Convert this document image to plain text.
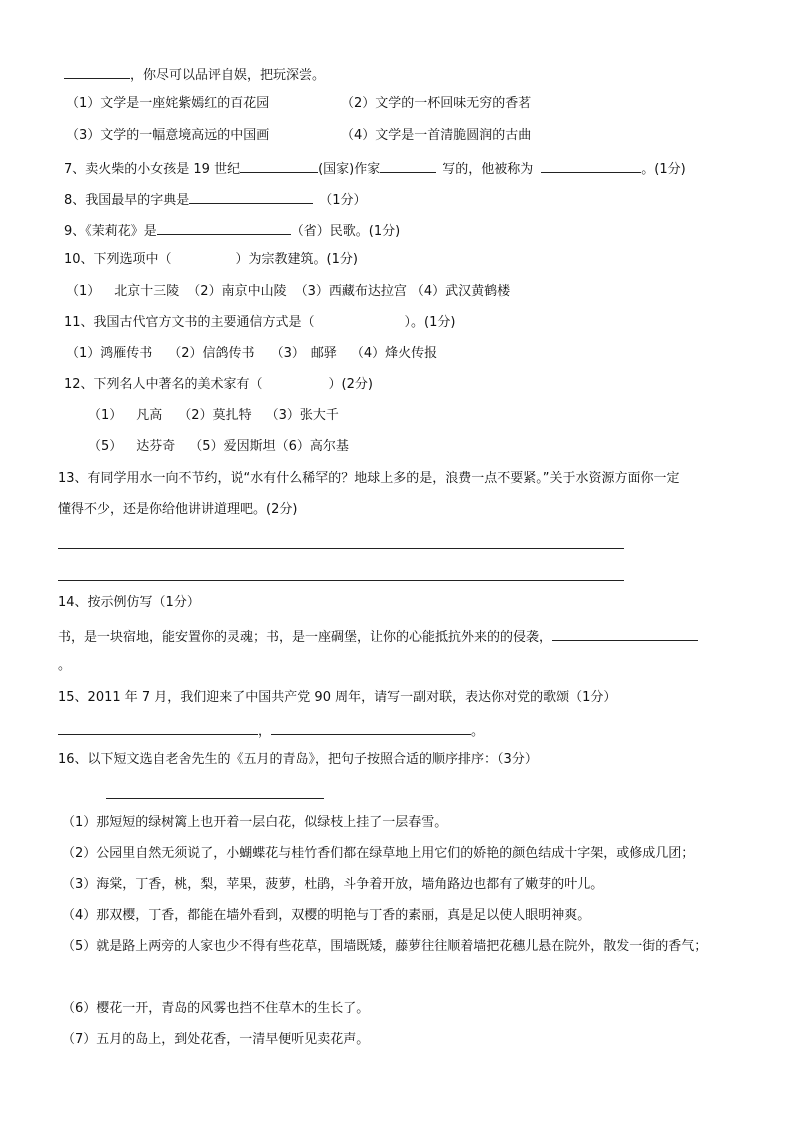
，你尽可以品评自娱，把玩深尝。
（1）文学是一座姹紫嫣红的百花园	（2）文学的一杯回味无穷的香茗
（3）文学的一幅意境高远的中国画	（4）文学是一首清脆圆润的古曲
7、卖火柴的小女孩是 19 世纪	(国家)作家	写的，他被称为	。(1分)
8、我国最早的字典是	（1分）
9、《茉莉花》是	（省）民歌。(1分)
10、下列选项中（	）为宗教建筑。(1分)
（1） 北京十三陵 （2）南京中山陵 （3）西藏布达拉宫 （4）武汉黄鹤楼
11、我国古代官方文书的主要通信方式是（	）。(1分)
（1）鸿雁传书 （2）信鸽传书 （3） 邮驿 （4）烽火传报
12、下列名人中著名的美术家有（	）(2分)
（1） 凡高 （2）莫扎特 （3）张大千
（5） 达芬奇 （5）爱因斯坦（6）高尔基
13、有同学用水一向不节约，说“水有什么稀罕的？地球上多的是，浪费一点不要紧。”关于水资源方面你一定
懂得不少，还是你给他讲讲道理吧。(2分)
14、按示例仿写（1分）
书，是一块宿地，能安置你的灵魂；书，是一座碉堡，让你的心能抵抗外来的的侵袭，
。
15、2011 年 7 月，我们迎来了中国共产党 90 周年，请写一副对联，表达你对党的歌颂（1分）
，	。
16、以下短文选自老舍先生的《五月的青岛》，把句子按照合适的顺序排序：（3分）
（1）那短短的绿树篱上也开着一层白花，似绿枝上挂了一层春雪。
（2）公园里自然无须说了，小蝴蝶花与桂竹香们都在绿草地上用它们的娇艳的颜色结成十字架，或修成几团；
（3）海棠，丁香，桃，梨，苹果，菠萝，杜鹃，斗争着开放，墙角路边也都有了嫩芽的叶儿。
（4）那双樱，丁香，都能在墙外看到，双樱的明艳与丁香的素丽，真是足以使人眼明神爽。
（5）就是路上两旁的人家也少不得有些花草，围墙既矮，藤萝往往顺着墙把花穗儿悬在院外，散发一街的香气；
（6）樱花一开，青岛的风雾也挡不住草木的生长了。
（7）五月的岛上，到处花香，一清早便听见卖花声。
